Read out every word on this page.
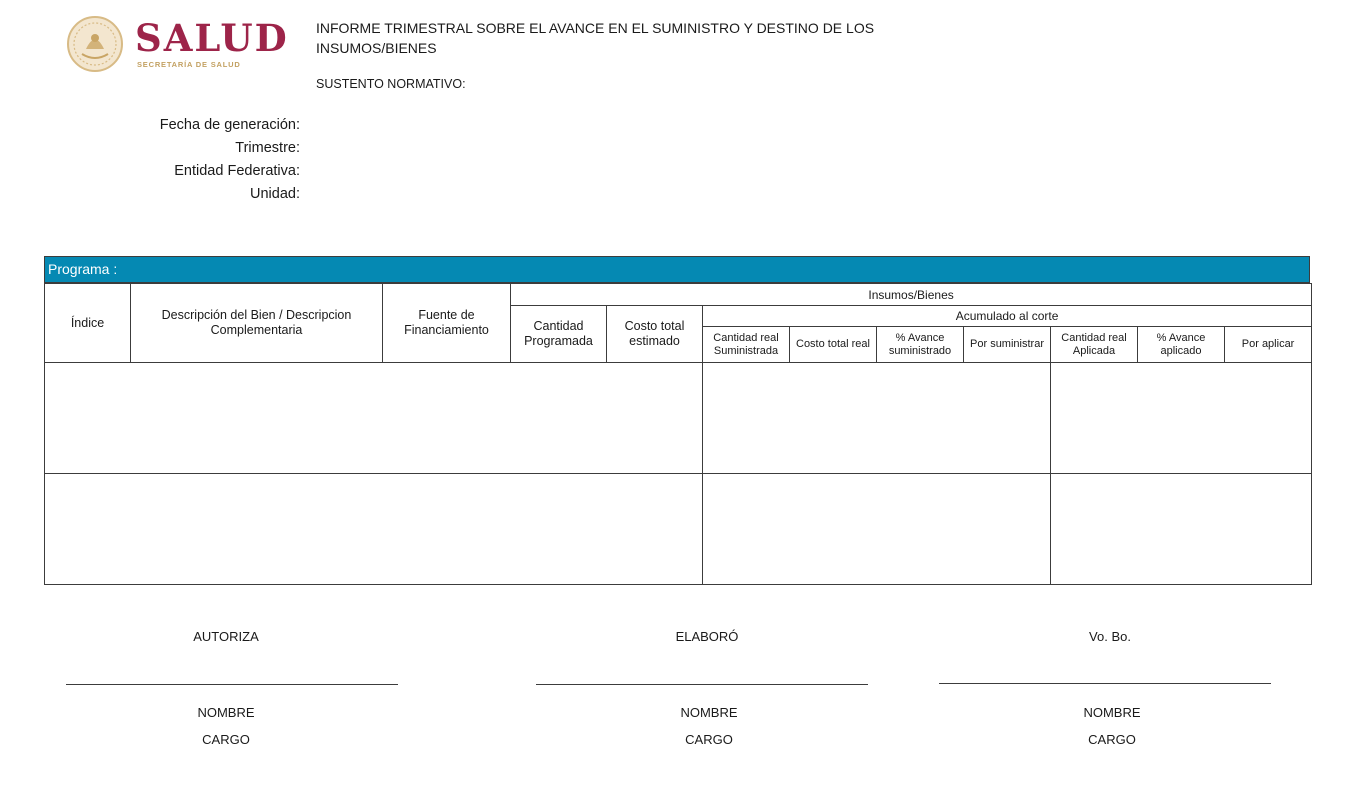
SALUD
SECRETARÍA DE SALUD
INFORME TRIMESTRAL SOBRE EL AVANCE EN EL SUMINISTRO Y DESTINO DE LOS INSUMOS/BIENES
SUSTENTO NORMATIVO:
Fecha de generación:
Trimestre:
Entidad Federativa:
Unidad:
Programa :
Índice	Descripción del Bien / Descripcion Complementaria	Fuente de Financiamiento	Insumos/Bienes								
			Cantidad Programada	Costo total estimado	Acumulado al corte						
					Cantidad real Suministrada	Costo total real	% Avance suministrado	Por suministrar	Cantidad real Aplicada	% Avance aplicado	Por aplicar

AUTORIZA
NOMBRE
CARGO
ELABORÓ
NOMBRE
CARGO
Vo. Bo.
NOMBRE
CARGO
